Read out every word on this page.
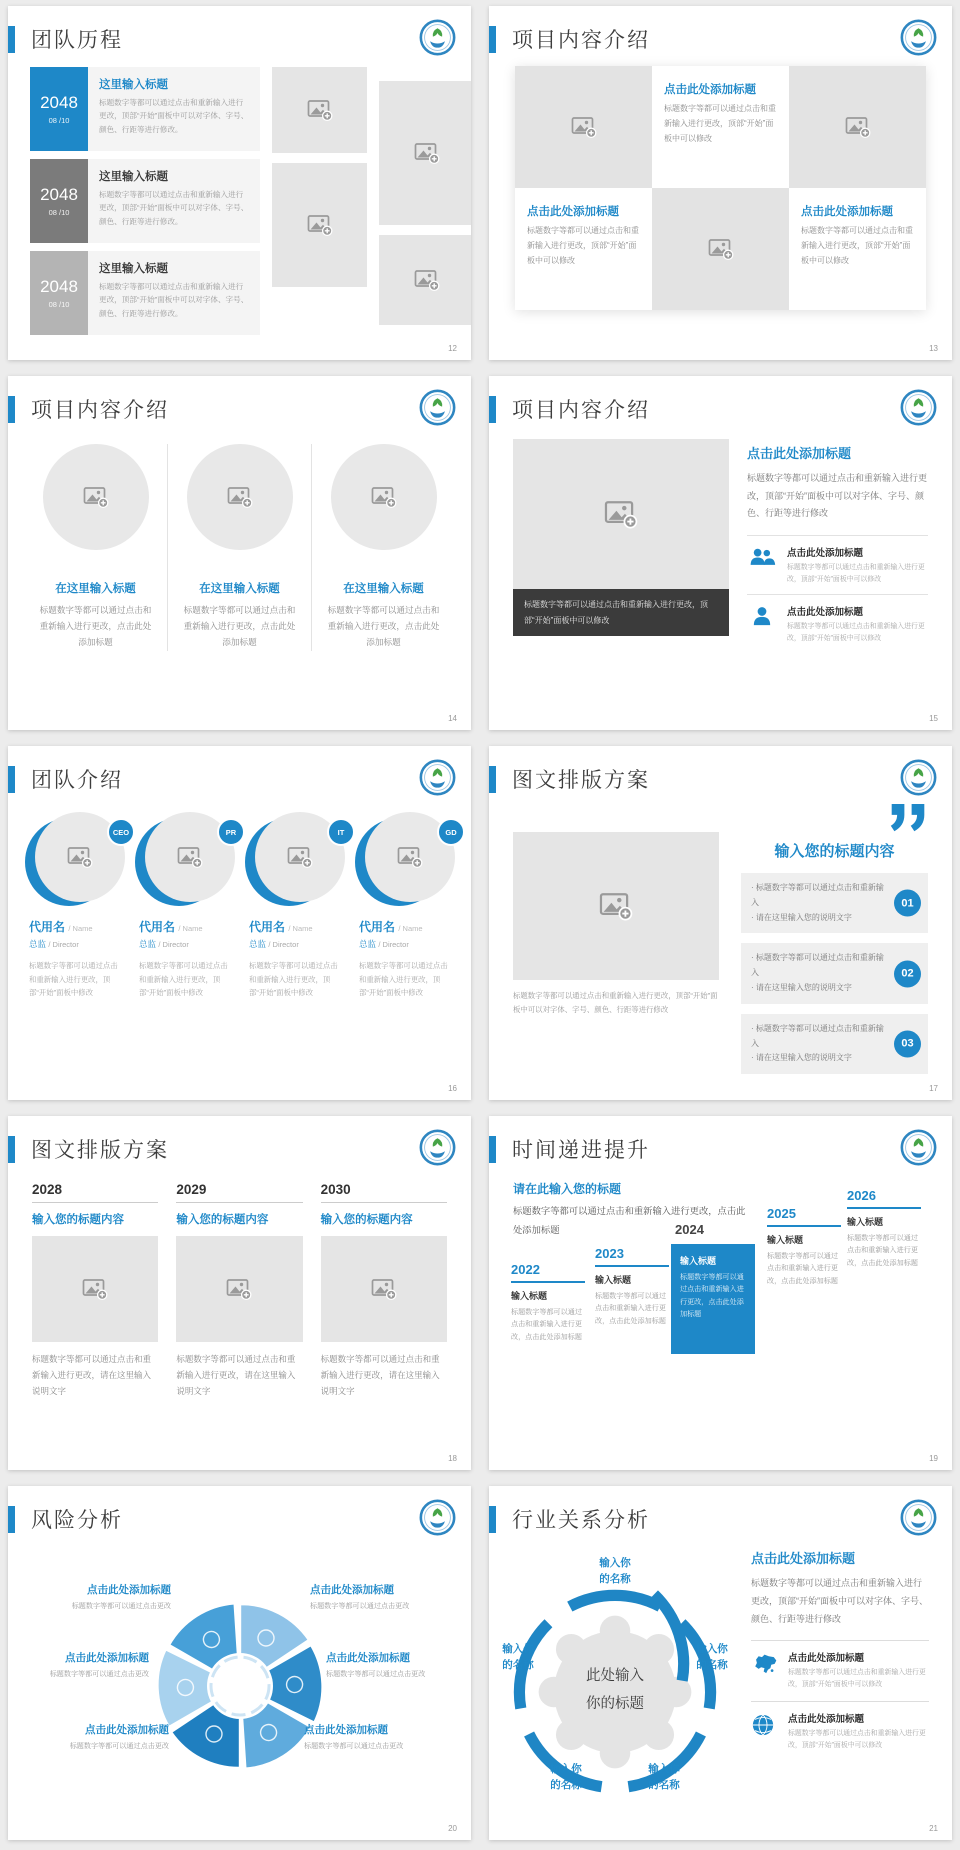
团队历程
2048
08 /10
这里输入标题

标题数字等都可以通过点击和重新输入进行更改，顶部“开始”面板中可以对字体、字号、颜色、行距等进行修改。

2048
08 /10
这里输入标题

标题数字等都可以通过点击和重新输入进行更改，顶部“开始”面板中可以对字体、字号、颜色、行距等进行修改。

2048
08 /10
这里输入标题

标题数字等都可以通过点击和重新输入进行更改，顶部“开始”面板中可以对字体、字号、颜色、行距等进行修改。

12
项目内容介绍
点击此处添加标题

标题数字等都可以通过点击和重新输入进行更改，顶部“开始”面板中可以修改

点击此处添加标题

标题数字等都可以通过点击和重新输入进行更改，顶部“开始”面板中可以修改

点击此处添加标题

标题数字等都可以通过点击和重新输入进行更改，顶部“开始”面板中可以修改

13
项目内容介绍
在这里输入标题

标题数字等都可以通过点击和重新输入进行更改，点击此处添加标题

在这里输入标题

标题数字等都可以通过点击和重新输入进行更改，点击此处添加标题

在这里输入标题

标题数字等都可以通过点击和重新输入进行更改，点击此处添加标题

14
项目内容介绍
标题数字等都可以通过点击和重新输入进行更改，顶部“开始”面板中可以修改
点击此处添加标题

标题数字等都可以通过点击和重新输入进行更改，顶部“开始”面板中可以对字体、字号、颜色、行距等进行修改

点击此处添加标题

标题数字等都可以通过点击和重新输入进行更改，顶部“开始”面板中可以修改

点击此处添加标题

标题数字等都可以通过点击和重新输入进行更改，顶部“开始”面板中可以修改

15
团队介绍
CEO
代用名 / Name
总监 / Director

标题数字等都可以通过点击和重新输入进行更改，顶部“开始”面板中修改

PR
代用名 / Name
总监 / Director

标题数字等都可以通过点击和重新输入进行更改，顶部“开始”面板中修改

IT
代用名 / Name
总监 / Director

标题数字等都可以通过点击和重新输入进行更改，顶部“开始”面板中修改

GD
代用名 / Name
总监 / Director

标题数字等都可以通过点击和重新输入进行更改，顶部“开始”面板中修改

16
图文排版方案
标题数字等都可以通过点击和重新输入进行更改，顶部“开始”面板中可以对字体、字号、颜色、行距等进行修改
输入您的标题内容

· 标题数字等都可以通过点击和重新输入

· 请在这里输入您的说明文字

01

· 标题数字等都可以通过点击和重新输入

· 请在这里输入您的说明文字

02

· 标题数字等都可以通过点击和重新输入

· 请在这里输入您的说明文字

03
17
图文排版方案
2028
输入您的标题内容

标题数字等都可以通过点击和重新输入进行更改，请在这里输入说明文字

2029
输入您的标题内容

标题数字等都可以通过点击和重新输入进行更改，请在这里输入说明文字

2030
输入您的标题内容

标题数字等都可以通过点击和重新输入进行更改，请在这里输入说明文字

18
时间递进提升
请在此输入您的标题
标题数字等都可以通过点击和重新输入进行更改，点击此处添加标题
2022
输入标题
标题数字等都可以通过点击和重新输入进行更改，点击此处添加标题
2023
输入标题
标题数字等都可以通过点击和重新输入进行更改，点击此处添加标题
2024
输入标题
标题数字等都可以通过点击和重新输入进行更改，点击此处添加标题
2025
输入标题
标题数字等都可以通过点击和重新输入进行更改，点击此处添加标题
2026
输入标题
标题数字等都可以通过点击和重新输入进行更改，点击此处添加标题
19
风险分析
点击此处添加标题

标题数字等都可以通过点击更改

点击此处添加标题

标题数字等都可以通过点击更改

点击此处添加标题

标题数字等都可以通过点击更改

点击此处添加标题

标题数字等都可以通过点击更改

点击此处添加标题

标题数字等都可以通过点击更改

点击此处添加标题

标题数字等都可以通过点击更改

20
行业关系分析
此处输入
你的标题
输入你
的名称
输入你
的名称
输入你
的名称
输入你
的名称
输入你
的名称
点击此处添加标题

标题数字等都可以通过点击和重新输入进行更改，顶部“开始”面板中可以对字体、字号、颜色、行距等进行修改

点击此处添加标题

标题数字等都可以通过点击和重新输入进行更改，顶部“开始”面板中可以修改

点击此处添加标题

标题数字等都可以通过点击和重新输入进行更改，顶部“开始”面板中可以修改

21
